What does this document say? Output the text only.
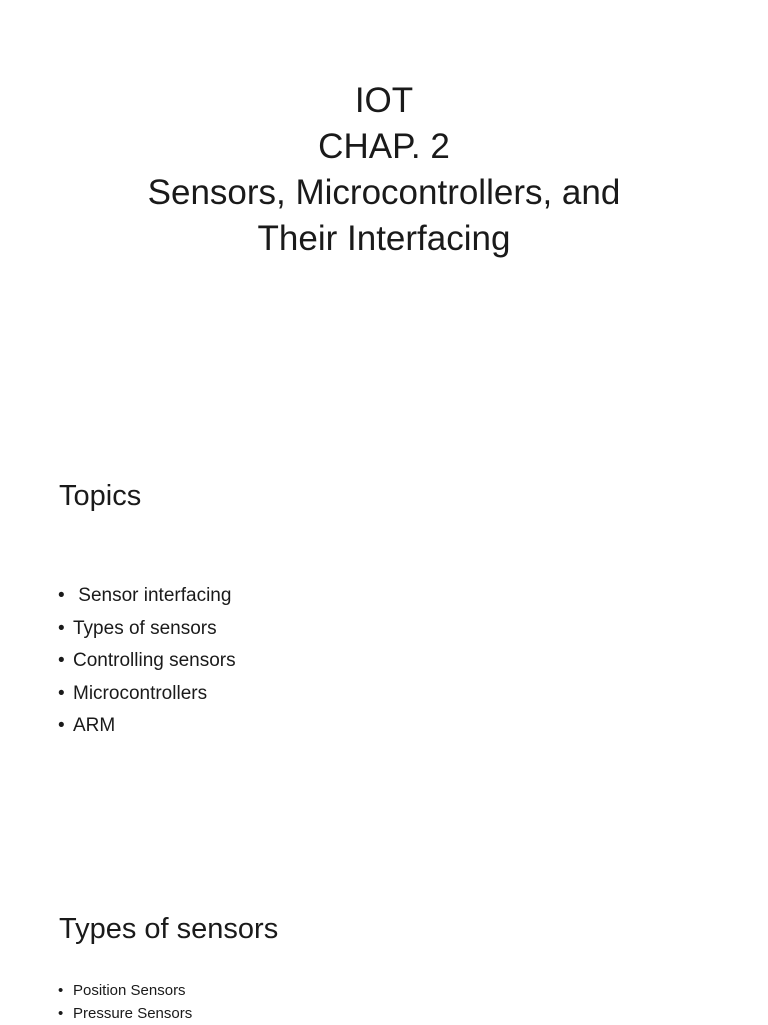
IOT
CHAP. 2
Sensors, Microcontrollers, and
Their Interfacing
Topics
• Sensor interfacing
• Types of sensors
• Controlling sensors
• Microcontrollers
• ARM
Types of sensors
• Position Sensors
• Pressure Sensors
